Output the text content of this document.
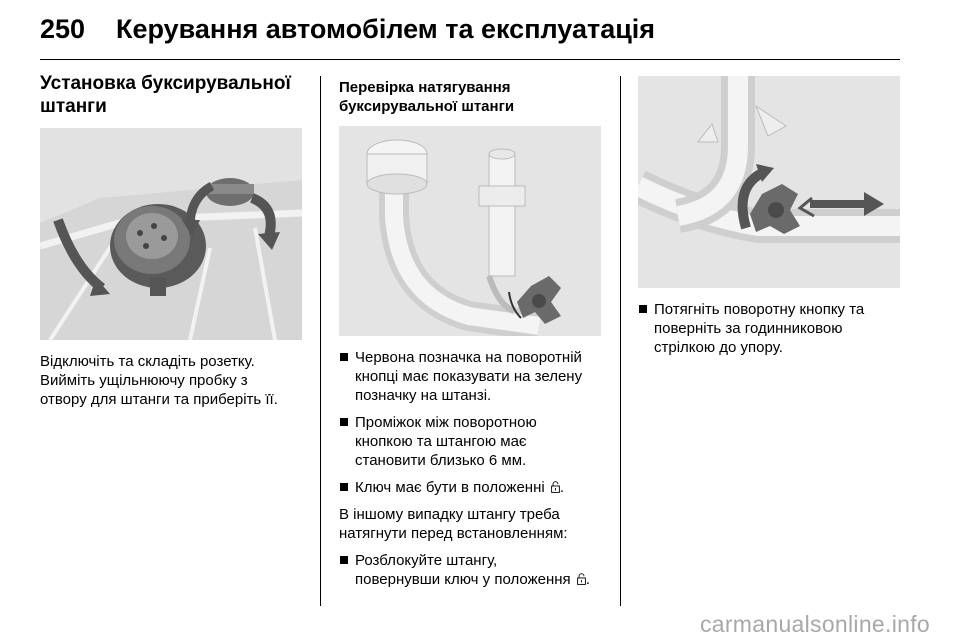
250 Керування автомобілем та експлуатація
Установка буксирувальної
штанги

Відключіть та складіть розетку.

Вийміть ущільнюючу пробку з

отвору для штанги та приберіть її.

Перевірка натягування
буксирувальної штанги
Червона позначка на поворотній
кнопці має показувати на зелену
позначку на штанзі.
Проміжок між поворотною
кнопкою та штангою має
становити близько 6 мм.
Ключ має бути в положенні .

В іншому випадку штангу треба

натягнути перед встановленням:

Розблокуйте штангу,
повернувши ключ у положення .
Потягніть поворотну кнопку та
поверніть за годинниковою
стрілкою до упору.
carmanualsonline.info
